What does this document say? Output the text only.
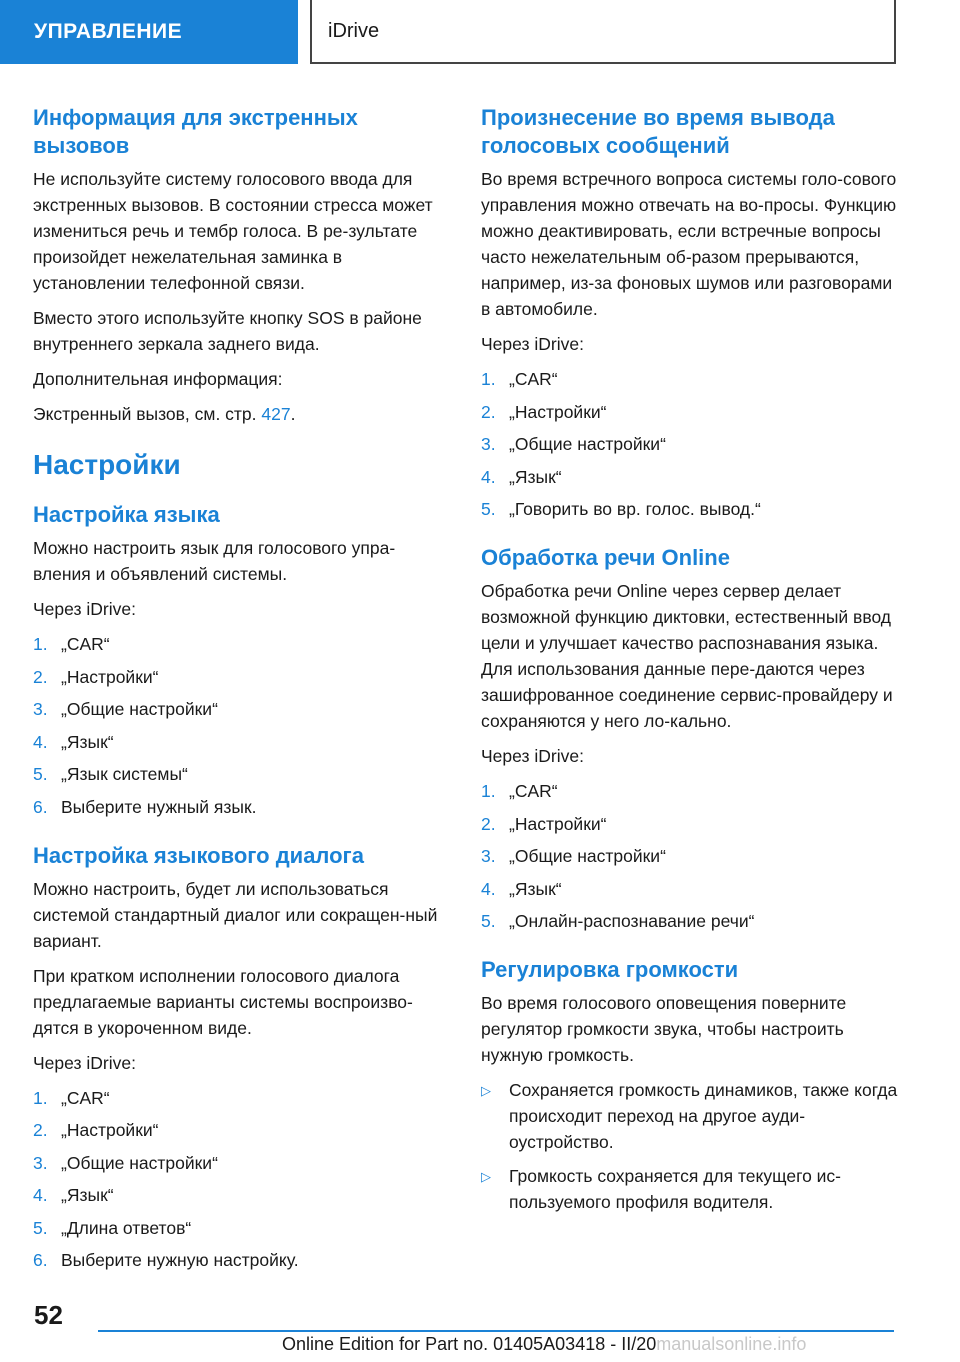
УПРАВЛЕНИЕ	iDrive
Информация для экстренных вызовов

Не используйте систему голосового ввода для экстренных вызовов. В состоянии стресса может измениться речь и тембр голоса. В ре-зультате произойдет нежелательная заминка в установлении телефонной связи.

Вместо этого используйте кнопку SOS в районе внутреннего зеркала заднего вида.

Дополнительная информация:

Экстренный вызов, см. стр. 427.

Настройки
Настройка языка

Можно настроить язык для голосового упра-вления и объявлений системы.

Через iDrive:

1. „CAR“
2. „Настройки“
3. „Общие настройки“
4. „Язык“
5. „Язык системы“
6. Выберите нужный язык.
Настройка языкового диалога

Можно настроить, будет ли использоваться системой стандартный диалог или сокращен-ный вариант.

При кратком исполнении голосового диалога предлагаемые варианты системы воспроизво-дятся в укороченном виде.

Через iDrive:

1. „CAR“
2. „Настройки“
3. „Общие настройки“
4. „Язык“
5. „Длина ответов“
6. Выберите нужную настройку.
Произнесение во время вывода голосовых сообщений

Во время встречного вопроса системы голо-сового управления можно отвечать на во-просы. Функцию можно деактивировать, если встречные вопросы часто нежелательным об-разом прерываются, например, из-за фоновых шумов или разговорами в автомобиле.

Через iDrive:

1. „CAR“
2. „Настройки“
3. „Общие настройки“
4. „Язык“
5. „Говорить во вр. голос. вывод.“
Обработка речи Online

Обработка речи Online через сервер делает возможной функцию диктовки, естественный ввод цели и улучшает качество распознавания языка. Для использования данные пере-даются через зашифрованное соединение сервис-провайдеру и сохраняются у него ло-кально.

Через iDrive:

1. „CAR“
2. „Настройки“
3. „Общие настройки“
4. „Язык“
5. „Онлайн-распознавание речи“
Регулировка громкости

Во время голосового оповещения поверните регулятор громкости звука, чтобы настроить нужную громкость.

▷	Сохраняется громкость динамиков, также когда происходит переход на другое ауди-оустройство.
▷	Громкость сохраняется для текущего ис-пользуемого профиля водителя.
52
Online Edition for Part no. 01405A03418 - II/20manualsonline.info
